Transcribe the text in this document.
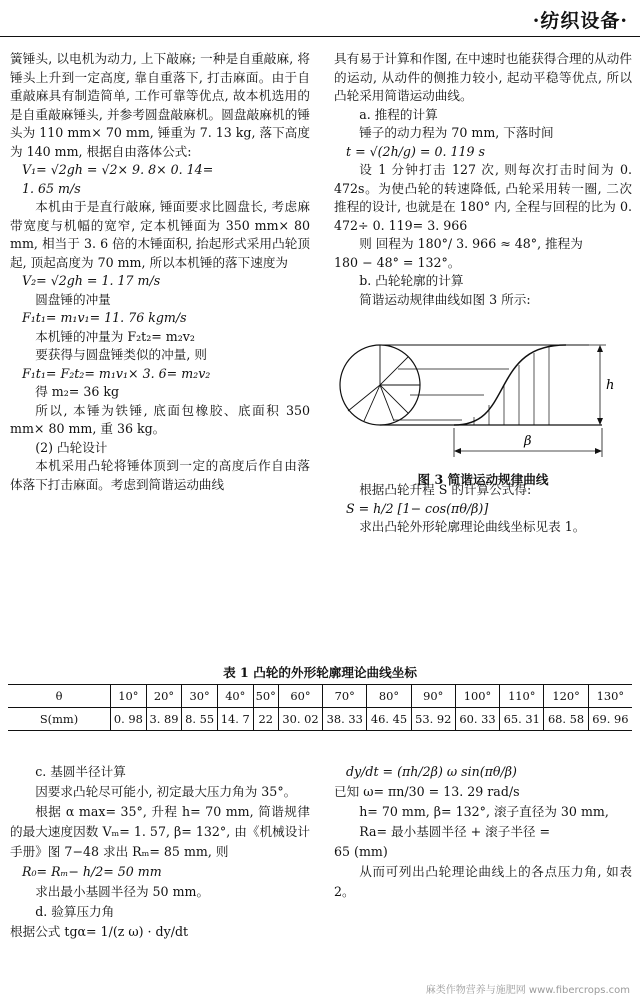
·纺织设备·

簧锤头, 以电机为动力, 上下敲麻; 一种是自重敲麻, 将锤头上升到一定高度, 靠自重落下, 打击麻面。由于自重敲麻具有制造简单, 工作可靠等优点, 故本机选用的是自重敲麻锤头, 并参考圆盘敲麻机。圆盘敲麻机的锤头为 110 mm× 70 mm, 锤重为 7. 13 kg, 落下高度为 140 mm, 根据自由落体公式:

V₁= √2gh = √2× 9. 8× 0. 14=

1. 65 m/s

本机由于是直行敲麻, 锤面要求比圆盘长, 考虑麻带宽度与机幅的宽窄, 定本机锤面为 350 mm× 80 mm, 相当于 3. 6 倍的木锤面积, 抬起形式采用凸轮顶起, 顶起高度为 70 mm, 所以本机锤的落下速度为

V₂= √2gh = 1. 17 m/s

圆盘锤的冲量

F₁t₁= m₁v₁= 11. 76 kgm/s

本机锤的冲量为 F₂t₂= m₂v₂

要获得与圆盘锤类似的冲量, 则

F₁t₁= F₂t₂= m₁v₁× 3. 6= m₂v₂

得 m₂= 36 kg

所以, 本锤为铁锤, 底面包橡胶、底面积 350 mm× 80 mm, 重 36 kg。

(2) 凸轮设计

本机采用凸轮将锤体顶到一定的高度后作自由落体落下打击麻面。考虑到简谐运动曲线

具有易于计算和作图, 在中速时也能获得合理的从动件的运动, 从动件的侧推力较小, 起动平稳等优点, 所以凸轮采用简谐运动曲线。

a. 推程的计算

锤子的动力程为 70 mm, 下落时间

t = √(2h/g) = 0. 119 s

设 1 分钟打击 127 次, 则每次打击时间为 0. 472s。为使凸轮的转速降低, 凸轮采用转一圈, 二次推程的设计, 也就是在 180° 内, 全程与回程的比为 0. 472÷ 0. 119= 3. 966

则 回程为 180°/ 3. 966 ≈ 48°, 推程为

180 − 48° = 132°。

b. 凸轮轮廓的计算

简谐运动规律曲线如图 3 所示:

h
β
图 3 简谐运动规律曲线

根据凸轮升程 S 的计算公式得:

S = h/2 [1− cos(πθ/β)]

求出凸轮外形轮廓理论曲线坐标见表 1。

表 1 凸轮的外形轮廓理论曲线坐标
θ	10°	20°	30°	40°	50°	60°	70°	80°	90°	100°	110°	120°	130°
S(mm)	0. 98	3. 89	8. 55	14. 7	22	30. 02	38. 33	46. 45	53. 92	60. 33	65. 31	68. 58	69. 96

c. 基圆半径计算

因要求凸轮尽可能小, 初定最大压力角为 35°。

根据 α max= 35°, 升程 h= 70 mm, 简谐规律的最大速度因数 Vₘ= 1. 57, β= 132°, 由《机械设计手册》图 7−48 求出 Rₘ= 85 mm, 则

R₀= Rₘ− h/2= 50 mm

求出最小基圆半径为 50 mm。

d. 验算压力角

根据公式 tgα= 1/(z ω) · dy/dt

dy/dt = (πh/2β) ω sin(πθ/β)

已知 ω= πn/30 = 13. 29 rad/s

h= 70 mm, β= 132°, 滚子直径为 30 mm,

Ra= 最小基圆半径 + 滚子半径 =

65 (mm)

从而可列出凸轮理论曲线上的各点压力角, 如表 2。

麻类作物营养与施肥网 www.fibercrops.com
